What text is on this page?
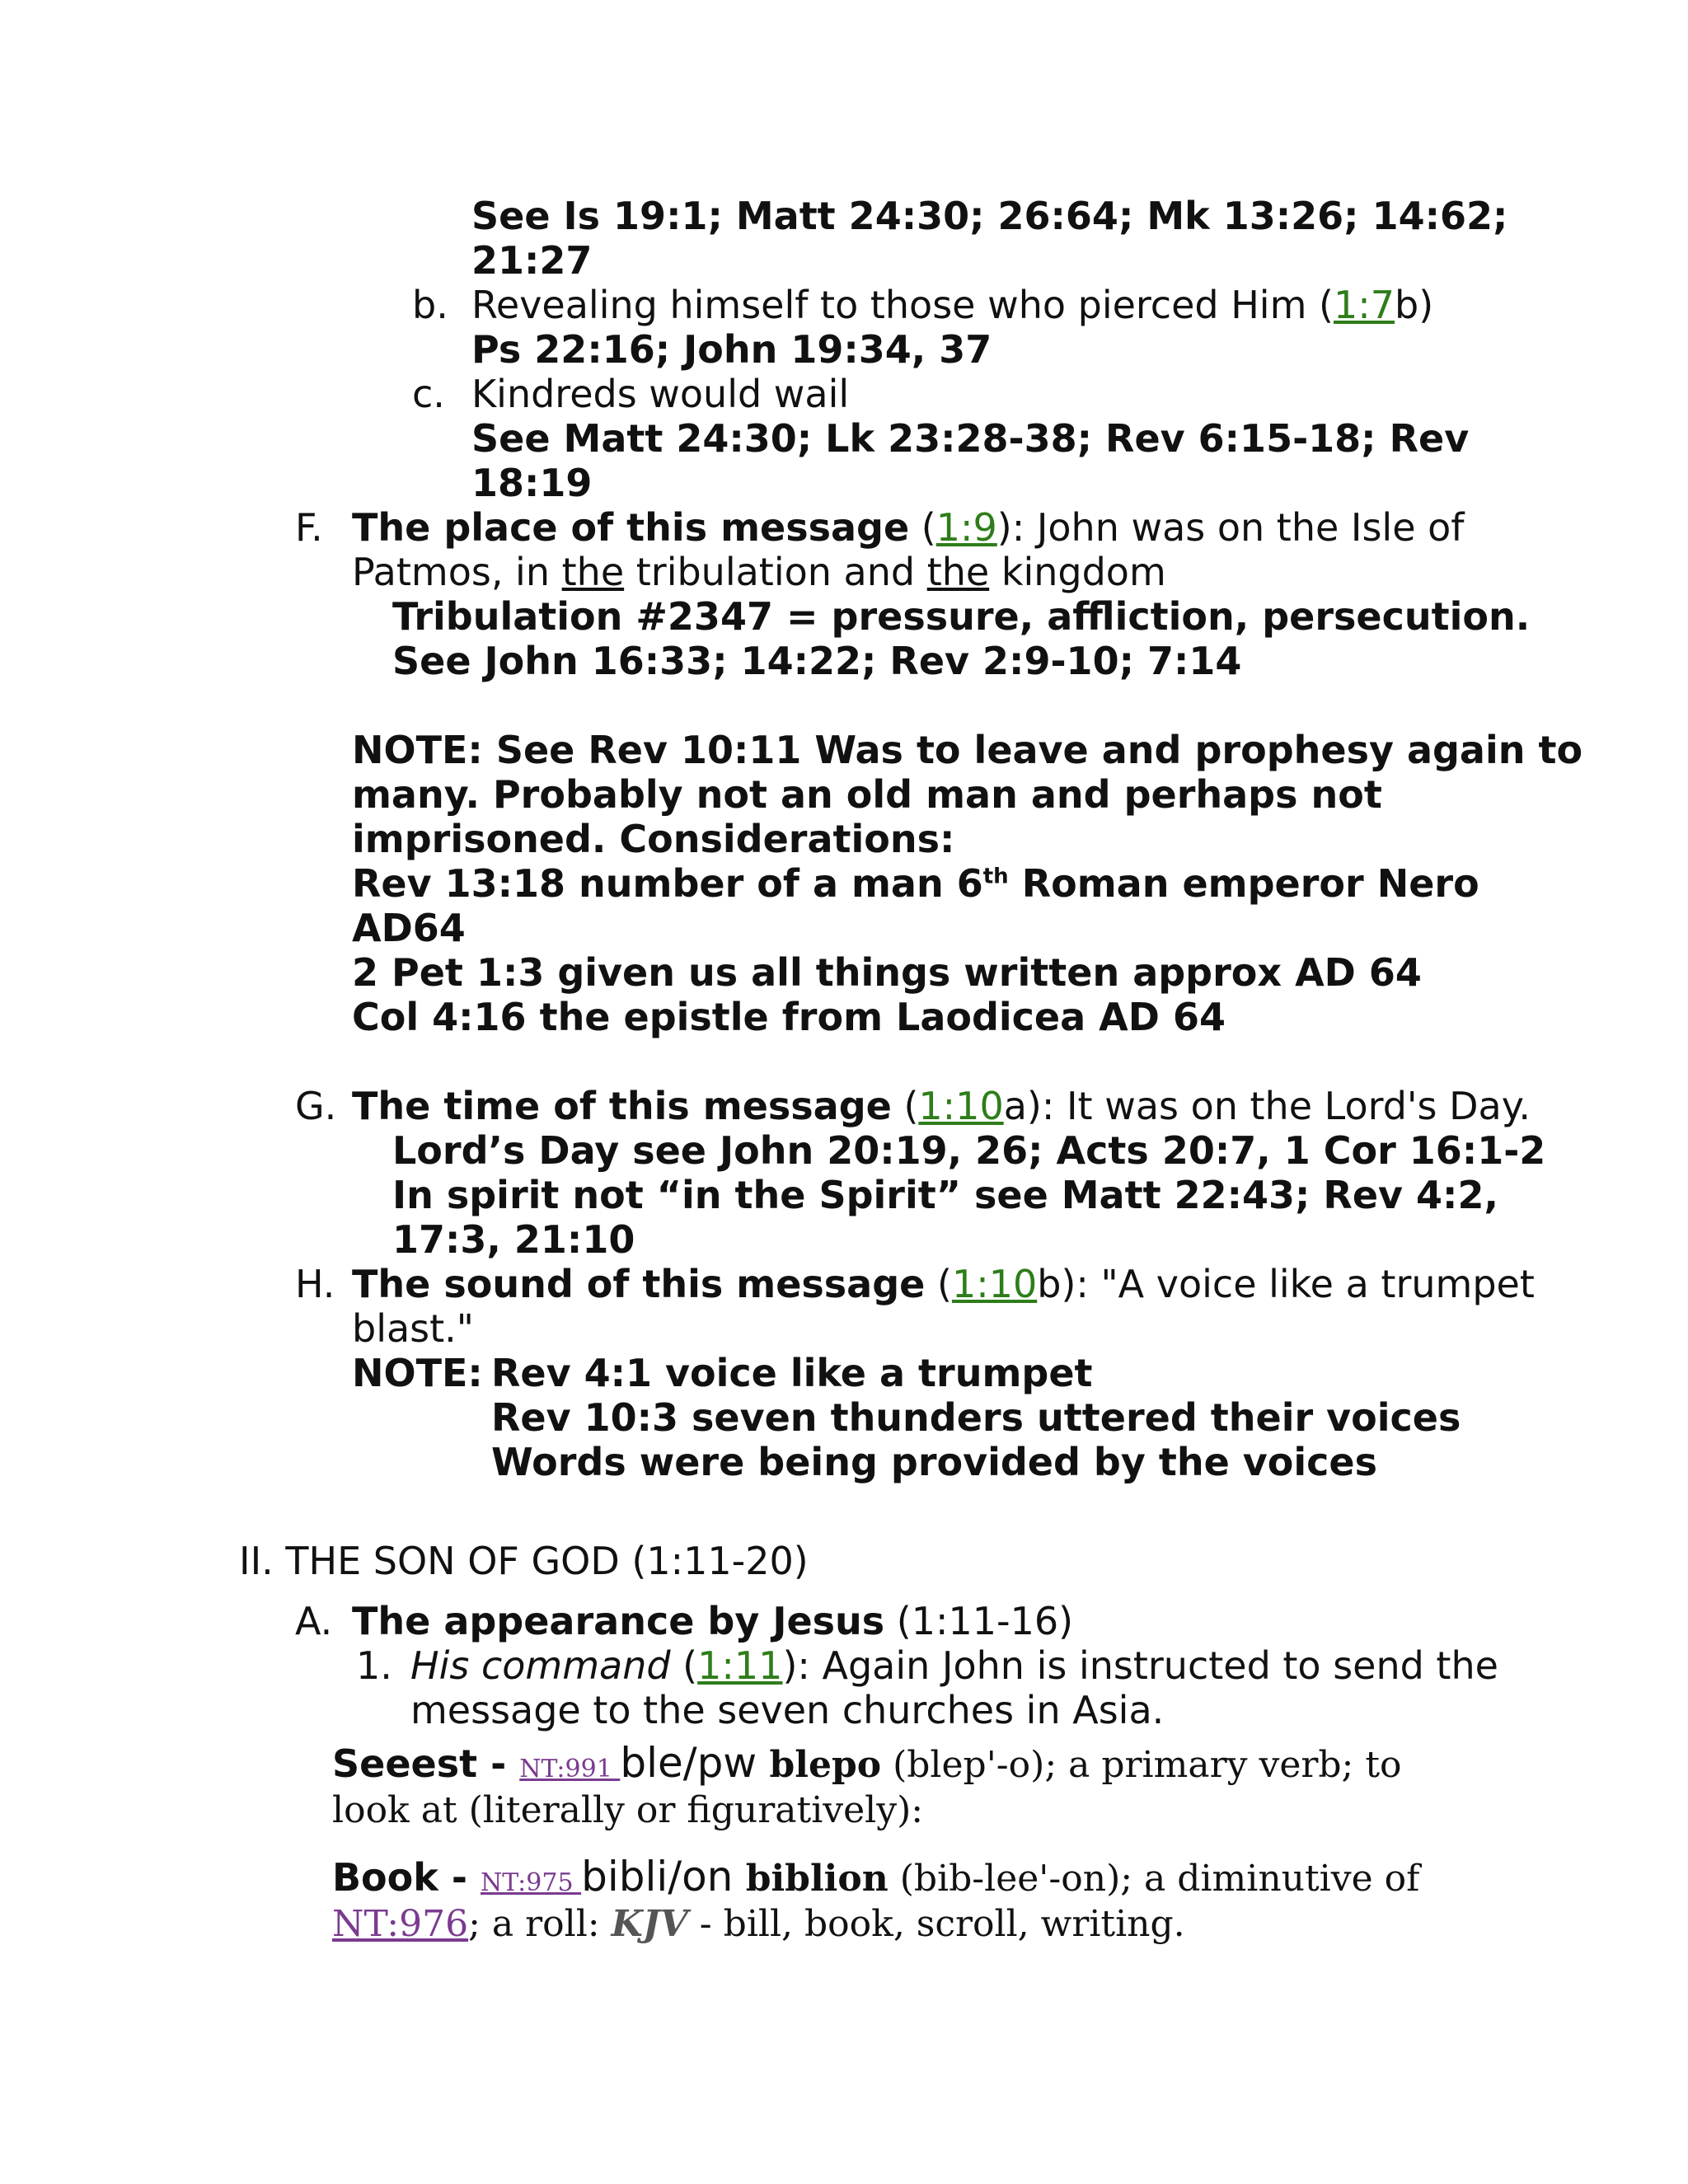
See Is 19:1; Matt 24:30; 26:64; Mk 13:26; 14:62;
21:27
b. Revealing himself to those who pierced Him (1:7b)
Ps 22:16; John 19:34, 37
c. Kindreds would wail
See Matt 24:30; Lk 23:28-38; Rev 6:15-18; Rev
18:19
F. The place of this message (1:9): John was on the Isle of
Patmos, in the tribulation and the kingdom
Tribulation #2347 = pressure, affliction, persecution.
See John 16:33; 14:22; Rev 2:9-10; 7:14
NOTE: See Rev 10:11 Was to leave and prophesy again to
many. Probably not an old man and perhaps not
imprisoned. Considerations:
Rev 13:18 number of a man 6th Roman emperor Nero
AD64
2 Pet 1:3 given us all things written approx AD 64
Col 4:16 the epistle from Laodicea AD 64
G. The time of this message (1:10a): It was on the Lord's Day.
Lord’s Day see John 20:19, 26; Acts 20:7, 1 Cor 16:1-2
In spirit not “in the Spirit” see Matt 22:43; Rev 4:2,
17:3, 21:10
H. The sound of this message (1:10b): "A voice like a trumpet
blast."
NOTE: Rev 4:1 voice like a trumpet
Rev 10:3 seven thunders uttered their voices
Words were being provided by the voices
II. THE SON OF GOD (1:11-20)
A. The appearance by Jesus (1:11-16)
1. His command (1:11): Again John is instructed to send the
message to the seven churches in Asia.
Seeest - NT:991 ble/pw blepo (blep'-o); a primary verb; to
look at (literally or figuratively):
Book - NT:975 bibli/on biblion (bib-lee'-on); a diminutive of
NT:976; a roll: KJV - bill, book, scroll, writing.
